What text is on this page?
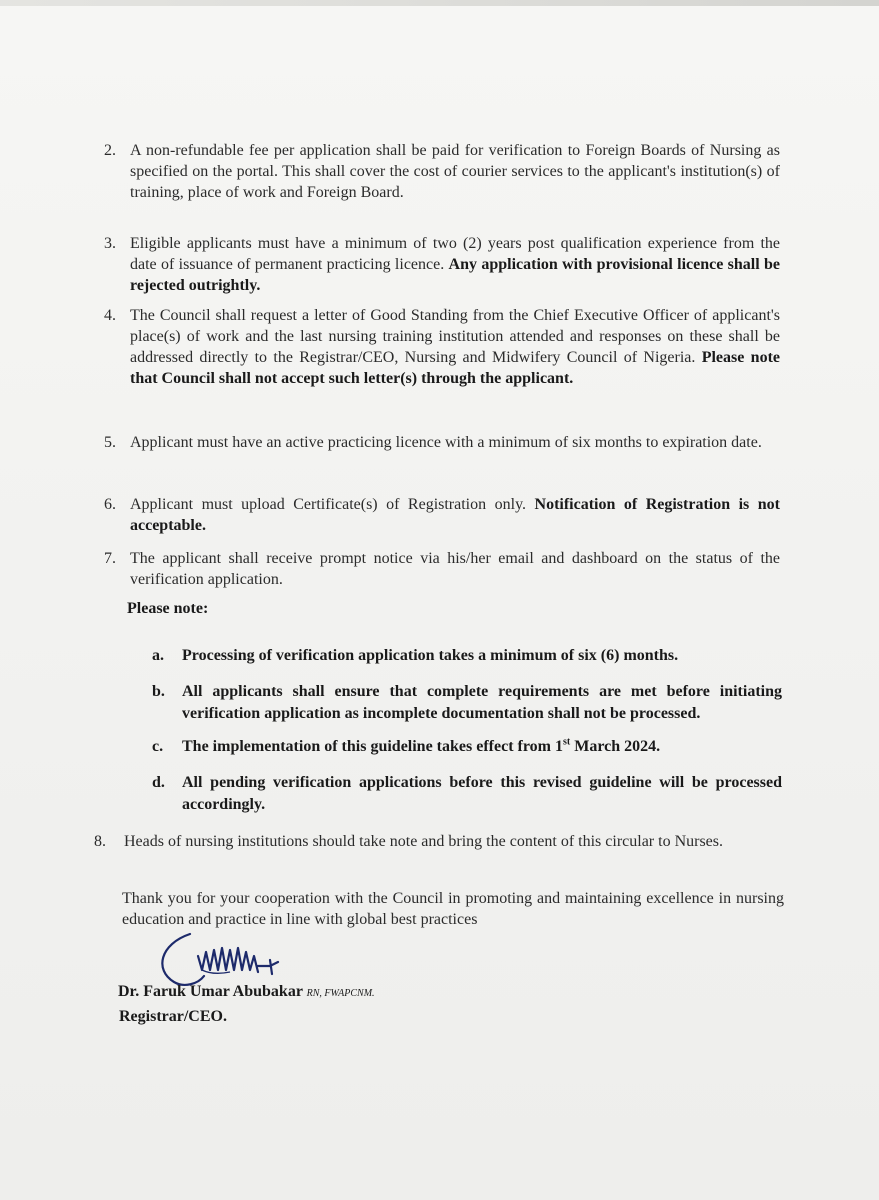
2. A non-refundable fee per application shall be paid for verification to Foreign Boards of Nursing as specified on the portal. This shall cover the cost of courier services to the applicant's institution(s) of training, place of work and Foreign Board.
3. Eligible applicants must have a minimum of two (2) years post qualification experience from the date of issuance of permanent practicing licence. Any application with provisional licence shall be rejected outrightly.
4. The Council shall request a letter of Good Standing from the Chief Executive Officer of applicant's place(s) of work and the last nursing training institution attended and responses on these shall be addressed directly to the Registrar/CEO, Nursing and Midwifery Council of Nigeria. Please note that Council shall not accept such letter(s) through the applicant.
5. Applicant must have an active practicing licence with a minimum of six months to expiration date.
6. Applicant must upload Certificate(s) of Registration only. Notification of Registration is not acceptable.
7. The applicant shall receive prompt notice via his/her email and dashboard on the status of the verification application.
Please note:
a. Processing of verification application takes a minimum of six (6) months.
b. All applicants shall ensure that complete requirements are met before initiating verification application as incomplete documentation shall not be processed.
c. The implementation of this guideline takes effect from 1st March 2024.
d. All pending verification applications before this revised guideline will be processed accordingly.
8. Heads of nursing institutions should take note and bring the content of this circular to Nurses.
Thank you for your cooperation with the Council in promoting and maintaining excellence in nursing education and practice in line with global best practices
Dr. Faruk Umar Abubakar RN, FWAPCNM.
Registrar/CEO.
